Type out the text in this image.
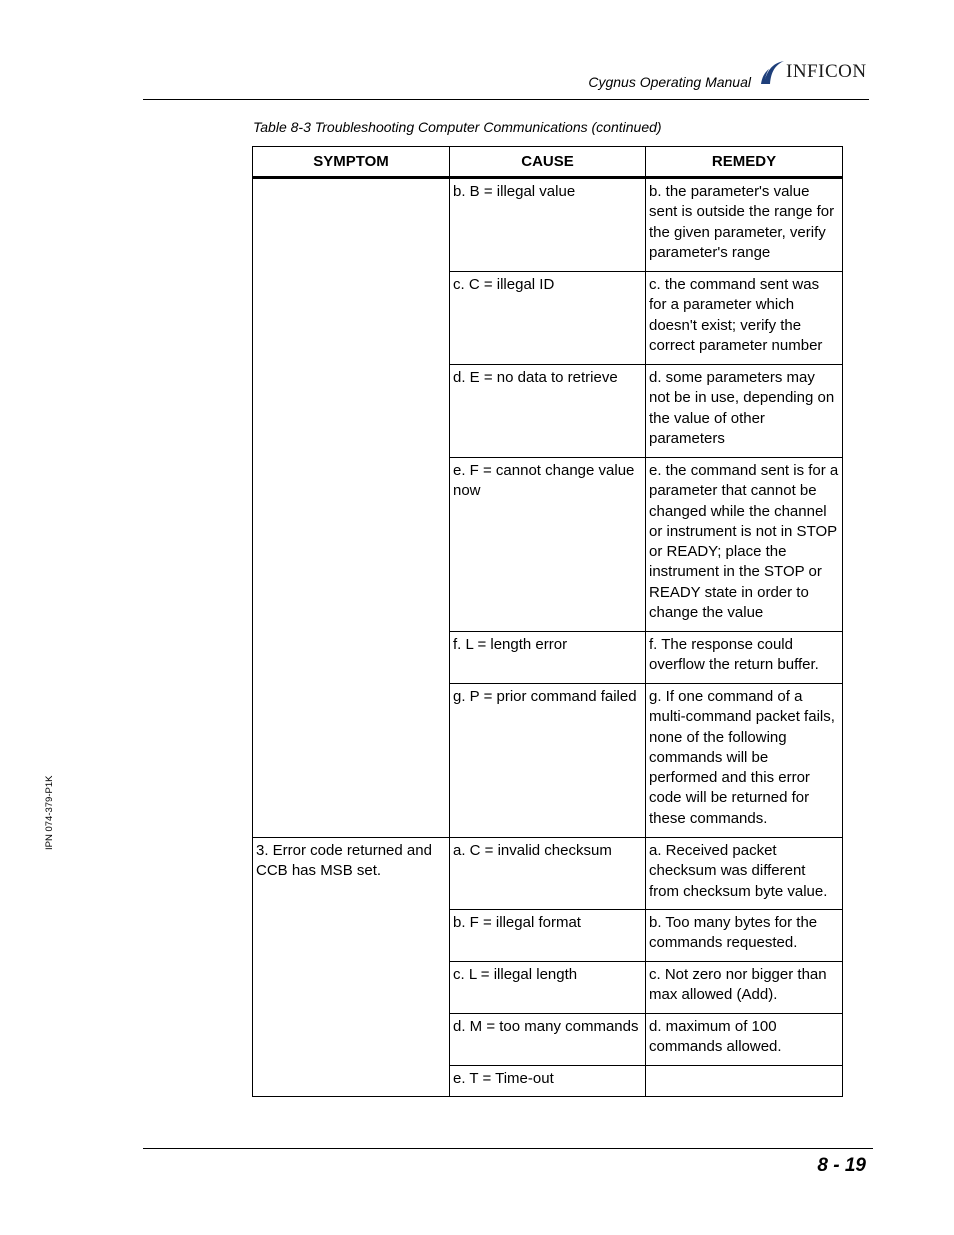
Cygnus Operating Manual INFICON
Table 8-3 Troubleshooting Computer Communications (continued)
IPN 074-379-P1K
SYMPTOM	CAUSE	REMEDY
	b. B = illegal value	b. the parameter's value sent is outside the range for the given parameter, verify parameter's range
	c. C = illegal ID	c. the command sent was for a parameter which doesn't exist; verify the correct parameter number
	d. E = no data to retrieve	d. some parameters may not be in use, depending on the value of other parameters
	e. F = cannot change value now	e. the command sent is for a parameter that cannot be changed while the channel or instrument is not in STOP or READY; place the instrument in the STOP or READY state in order to change the value
	f. L = length error	f. The response could overflow the return buffer.
	g. P = prior command failed	g. If one command of a multi-command packet fails, none of the following commands will be performed and this error code will be returned for these commands.
3. Error code returned and CCB has MSB set.	a. C = invalid checksum	a. Received packet checksum was different from checksum byte value.
	b. F = illegal format	b. Too many bytes for the commands requested.
	c. L = illegal length	c. Not zero nor bigger than max allowed (Add).
	d. M = too many commands	d. maximum of 100 commands allowed.
	e. T = Time-out	
8 - 19
